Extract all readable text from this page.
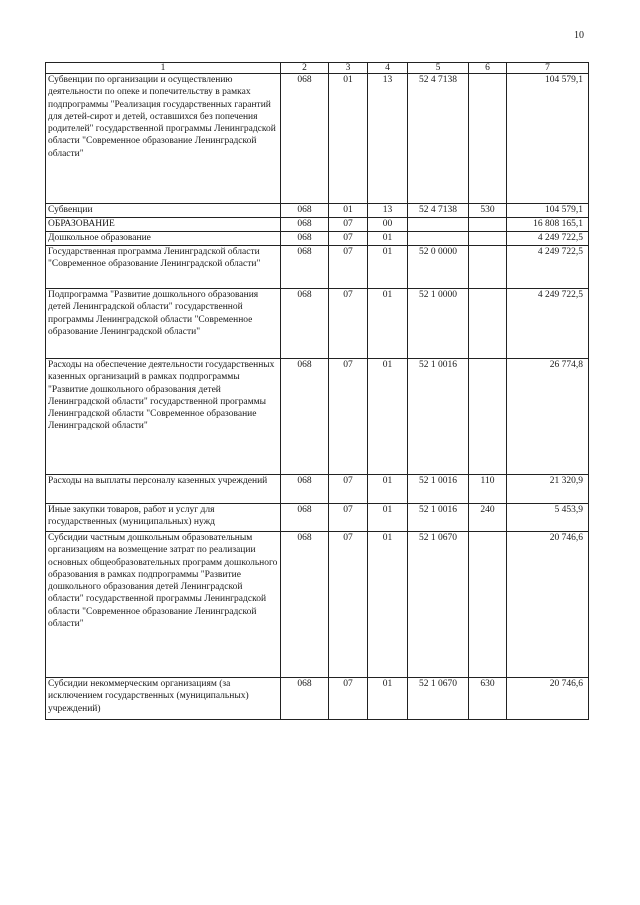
10
1	2	3	4	5	6	7
Субвенции по организации и осуществлению деятельности по опеке и попечительству в рамках подпрограммы "Реализация государственных гарантий для детей-сирот и детей, оставшихся без попечения родителей" государственной программы Ленинградской области "Современное образование Ленинградской области"	068	01	13	52 4 7138		104 579,1
Субвенции	068	01	13	52 4 7138	530	104 579,1
ОБРАЗОВАНИЕ	068	07	00			16 808 165,1
Дошкольное образование	068	07	01			4 249 722,5
Государственная программа Ленинградской области "Современное образование Ленинградской области"	068	07	01	52 0 0000		4 249 722,5
Подпрограмма "Развитие дошкольного образования детей Ленинградской области" государственной программы Ленинградской области "Современное образование Ленинградской области"	068	07	01	52 1 0000		4 249 722,5
Расходы на обеспечение деятельности государственных казенных организаций в рамках подпрограммы "Развитие дошкольного образования детей Ленинградской области" государственной программы Ленинградской области "Современное образование Ленинградской области"	068	07	01	52 1 0016		26 774,8
Расходы на выплаты персоналу казенных учреждений	068	07	01	52 1 0016	110	21 320,9
Иные закупки товаров, работ и услуг для государственных (муниципальных) нужд	068	07	01	52 1 0016	240	5 453,9
Субсидии частным дошкольным образовательным организациям на возмещение затрат по реализации основных общеобразовательных программ дошкольного образования в рамках подпрограммы "Развитие дошкольного образования детей Ленинградской области" государственной программы Ленинградской области "Современное образование Ленинградской области"	068	07	01	52 1 0670		20 746,6
Субсидии некоммерческим организациям (за исключением государственных (муниципальных) учреждений)	068	07	01	52 1 0670	630	20 746,6
